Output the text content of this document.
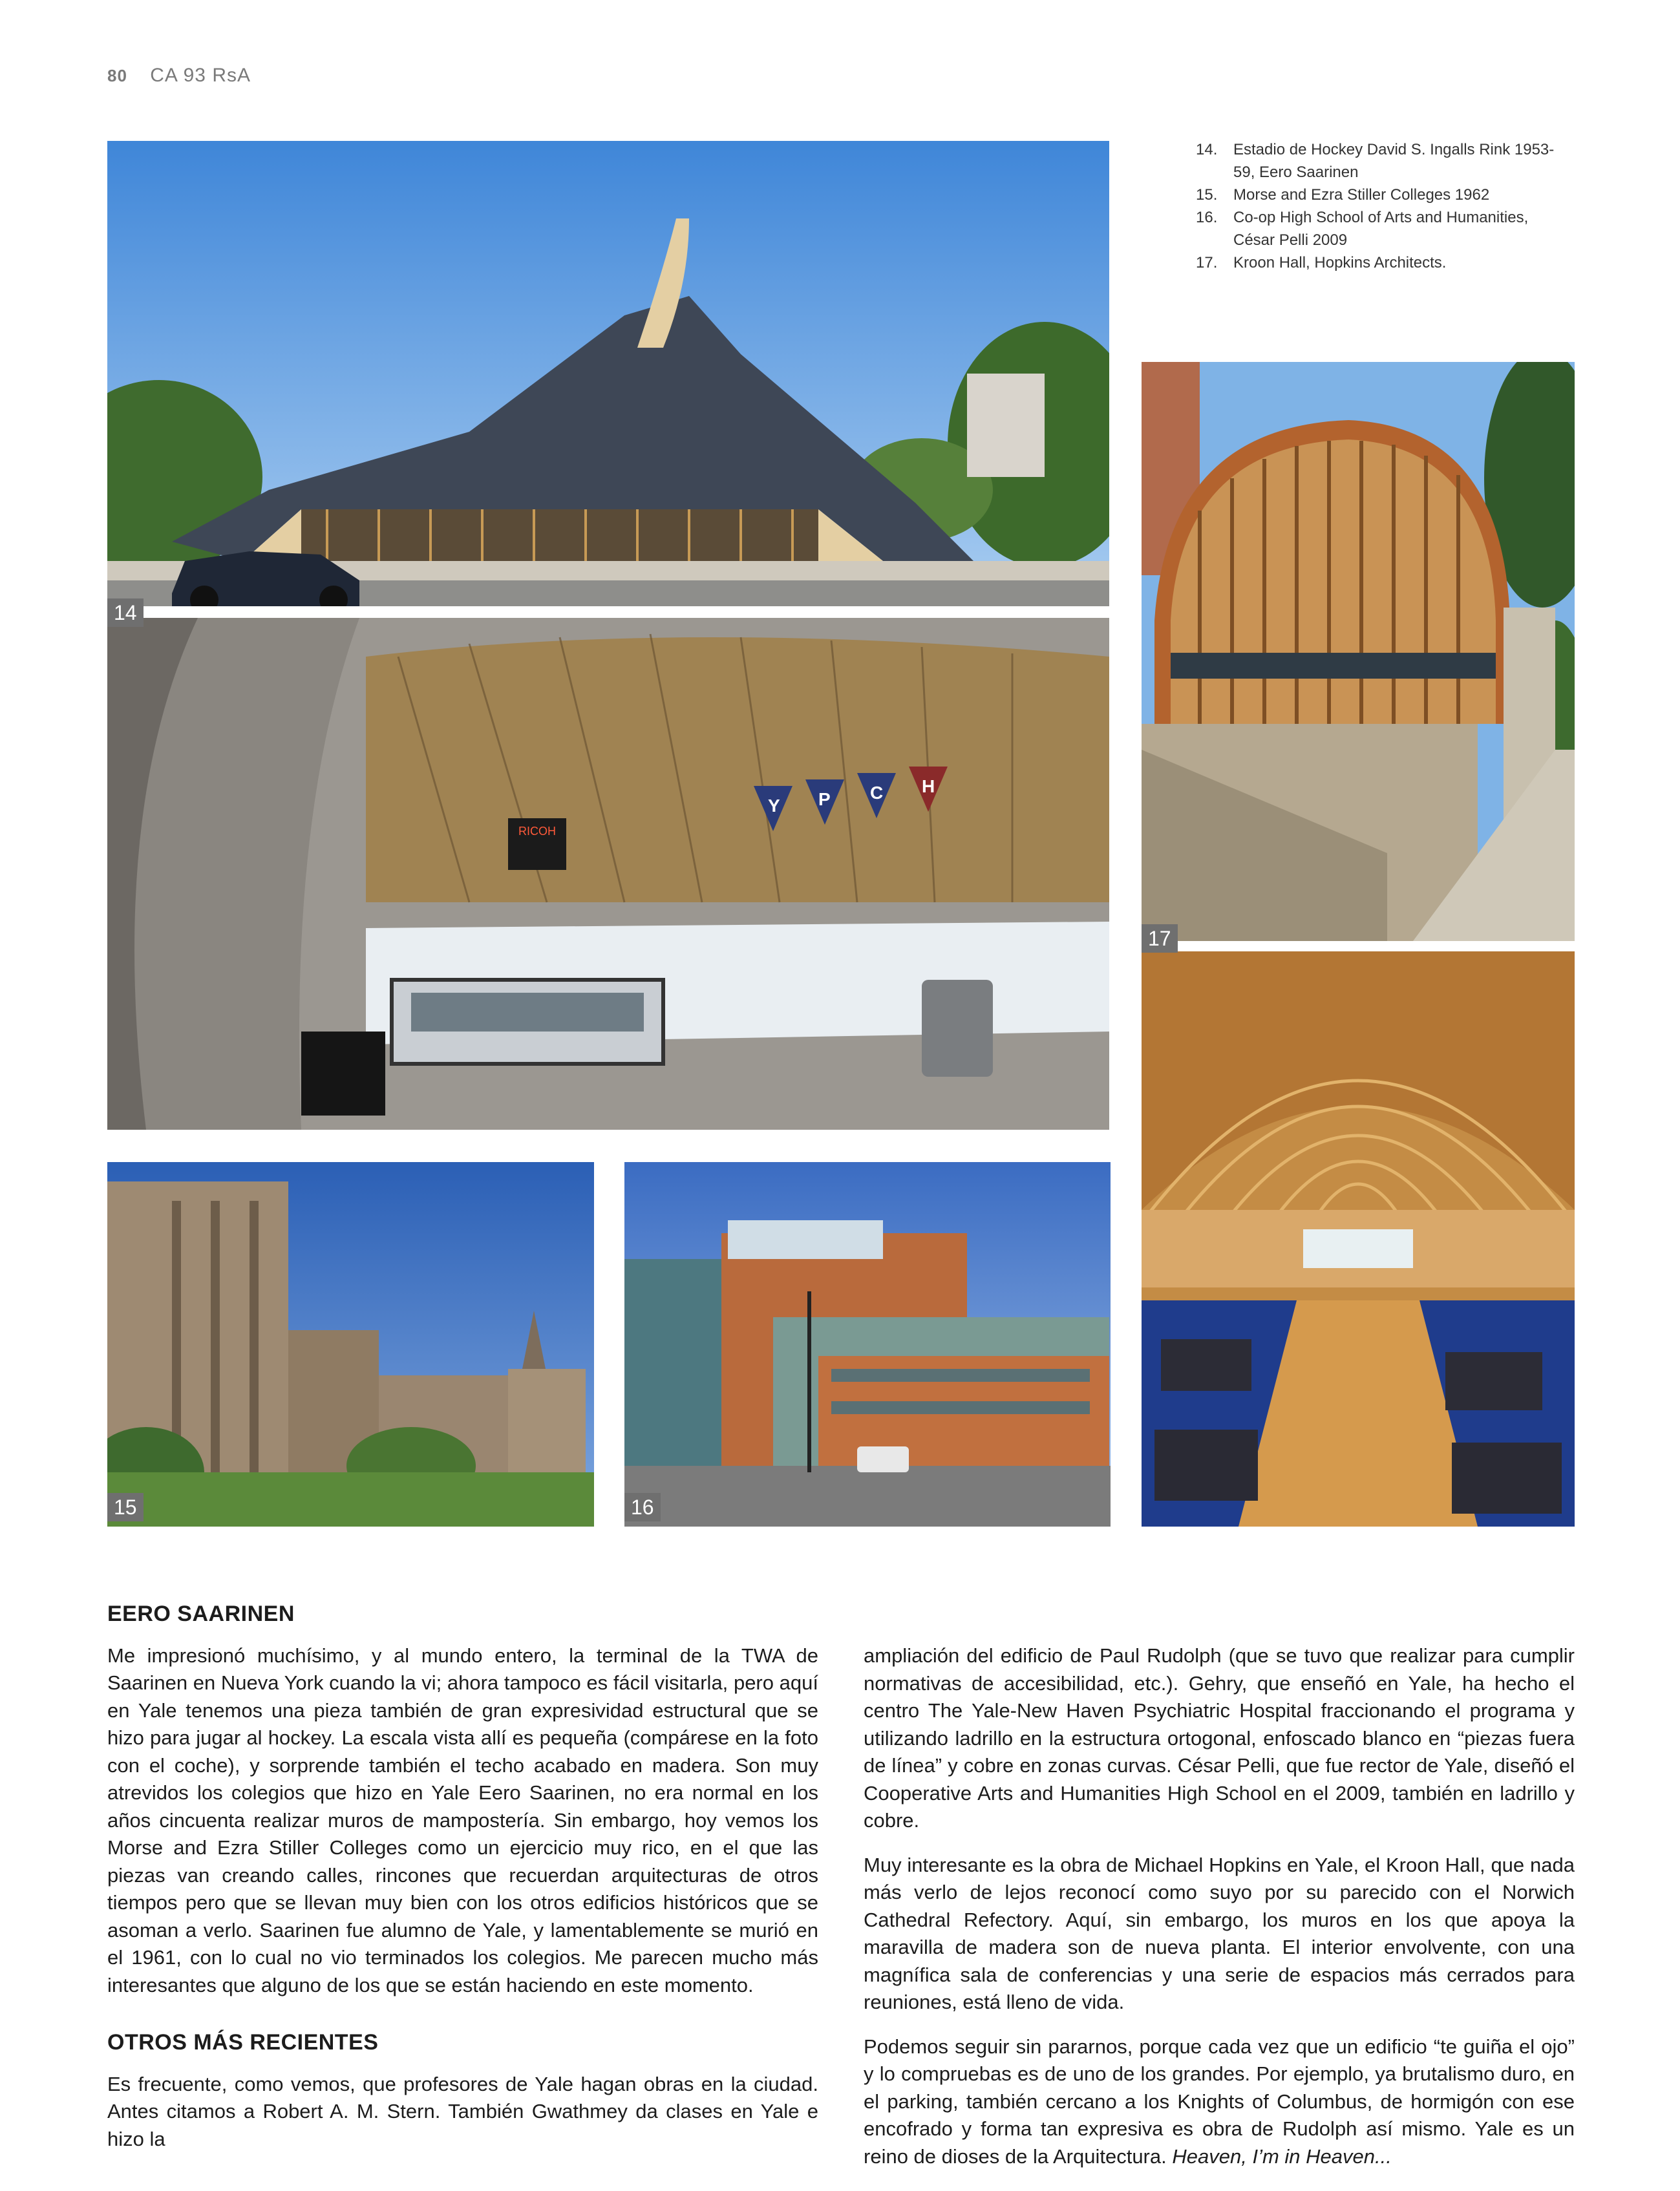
80 CA 93 RsA
RICOH
Y P C H
14
15	16
17
14.	Estadio de Hockey David S. Ingalls Rink 1953-59, Eero Saarinen
15.	Morse and Ezra Stiller Colleges 1962
16.	Co-op High School of Arts and Humanities, César Pelli 2009
17.	Kroon Hall, Hopkins Architects.
EERO SAARINEN

Me impresionó muchísimo, y al mundo entero, la terminal de la TWA de Saarinen en Nueva York cuando la vi; ahora tampoco es fácil visitarla, pero aquí en Yale tenemos una pieza también de gran expresividad estructural que se hizo para jugar al hockey. La escala vista allí es pequeña (compárese en la foto con el coche), y sorprende también el techo acabado en madera. Son muy atrevidos los colegios que hizo en Yale Eero Saarinen, no era normal en los años cincuenta realizar muros de mampostería. Sin embargo, hoy vemos los Morse and Ezra Stiller Colleges como un ejercicio muy rico, en el que las piezas van creando calles, rincones que recuerdan arquitecturas de otros tiempos pero que se llevan muy bien con los otros edificios históricos que se asoman a verlo. Saarinen fue alumno de Yale, y lamentablemente se murió en el 1961, con lo cual no vio terminados los colegios. Me parecen mucho más interesantes que alguno de los que se están haciendo en este momento.

OTROS MÁS RECIENTES

Es frecuente, como vemos, que profesores de Yale hagan obras en la ciudad. Antes citamos a Robert A. M. Stern. También Gwathmey da clases en Yale e hizo la

ampliación del edificio de Paul Rudolph (que se tuvo que realizar para cumplir normativas de accesibilidad, etc.). Gehry, que enseñó en Yale, ha hecho el centro The Yale-New Haven Psychiatric Hospital fraccionando el programa y utilizando ladrillo en la estructura ortogonal, enfoscado blanco en “piezas fuera de línea” y cobre en zonas curvas. César Pelli, que fue rector de Yale, diseñó el Cooperative Arts and Humanities High School en el 2009, también en ladrillo y cobre.

Muy interesante es la obra de Michael Hopkins en Yale, el Kroon Hall, que nada más verlo de lejos reconocí como suyo por su parecido con el Norwich Cathedral Refectory. Aquí, sin embargo, los muros en los que apoya la maravilla de madera son de nueva planta. El interior envolvente, con una magnífica sala de conferencias y una serie de espacios más cerrados para reuniones, está lleno de vida.

Podemos seguir sin pararnos, porque cada vez que un edificio “te guiña el ojo” y lo compruebas es de uno de los grandes. Por ejemplo, ya brutalismo duro, en el parking, también cercano a los Knights of Columbus, de hormigón con ese encofrado y forma tan expresiva es obra de Rudolph así mismo. Yale es un reino de dioses de la Arquitectura. Heaven, I’m in Heaven...
